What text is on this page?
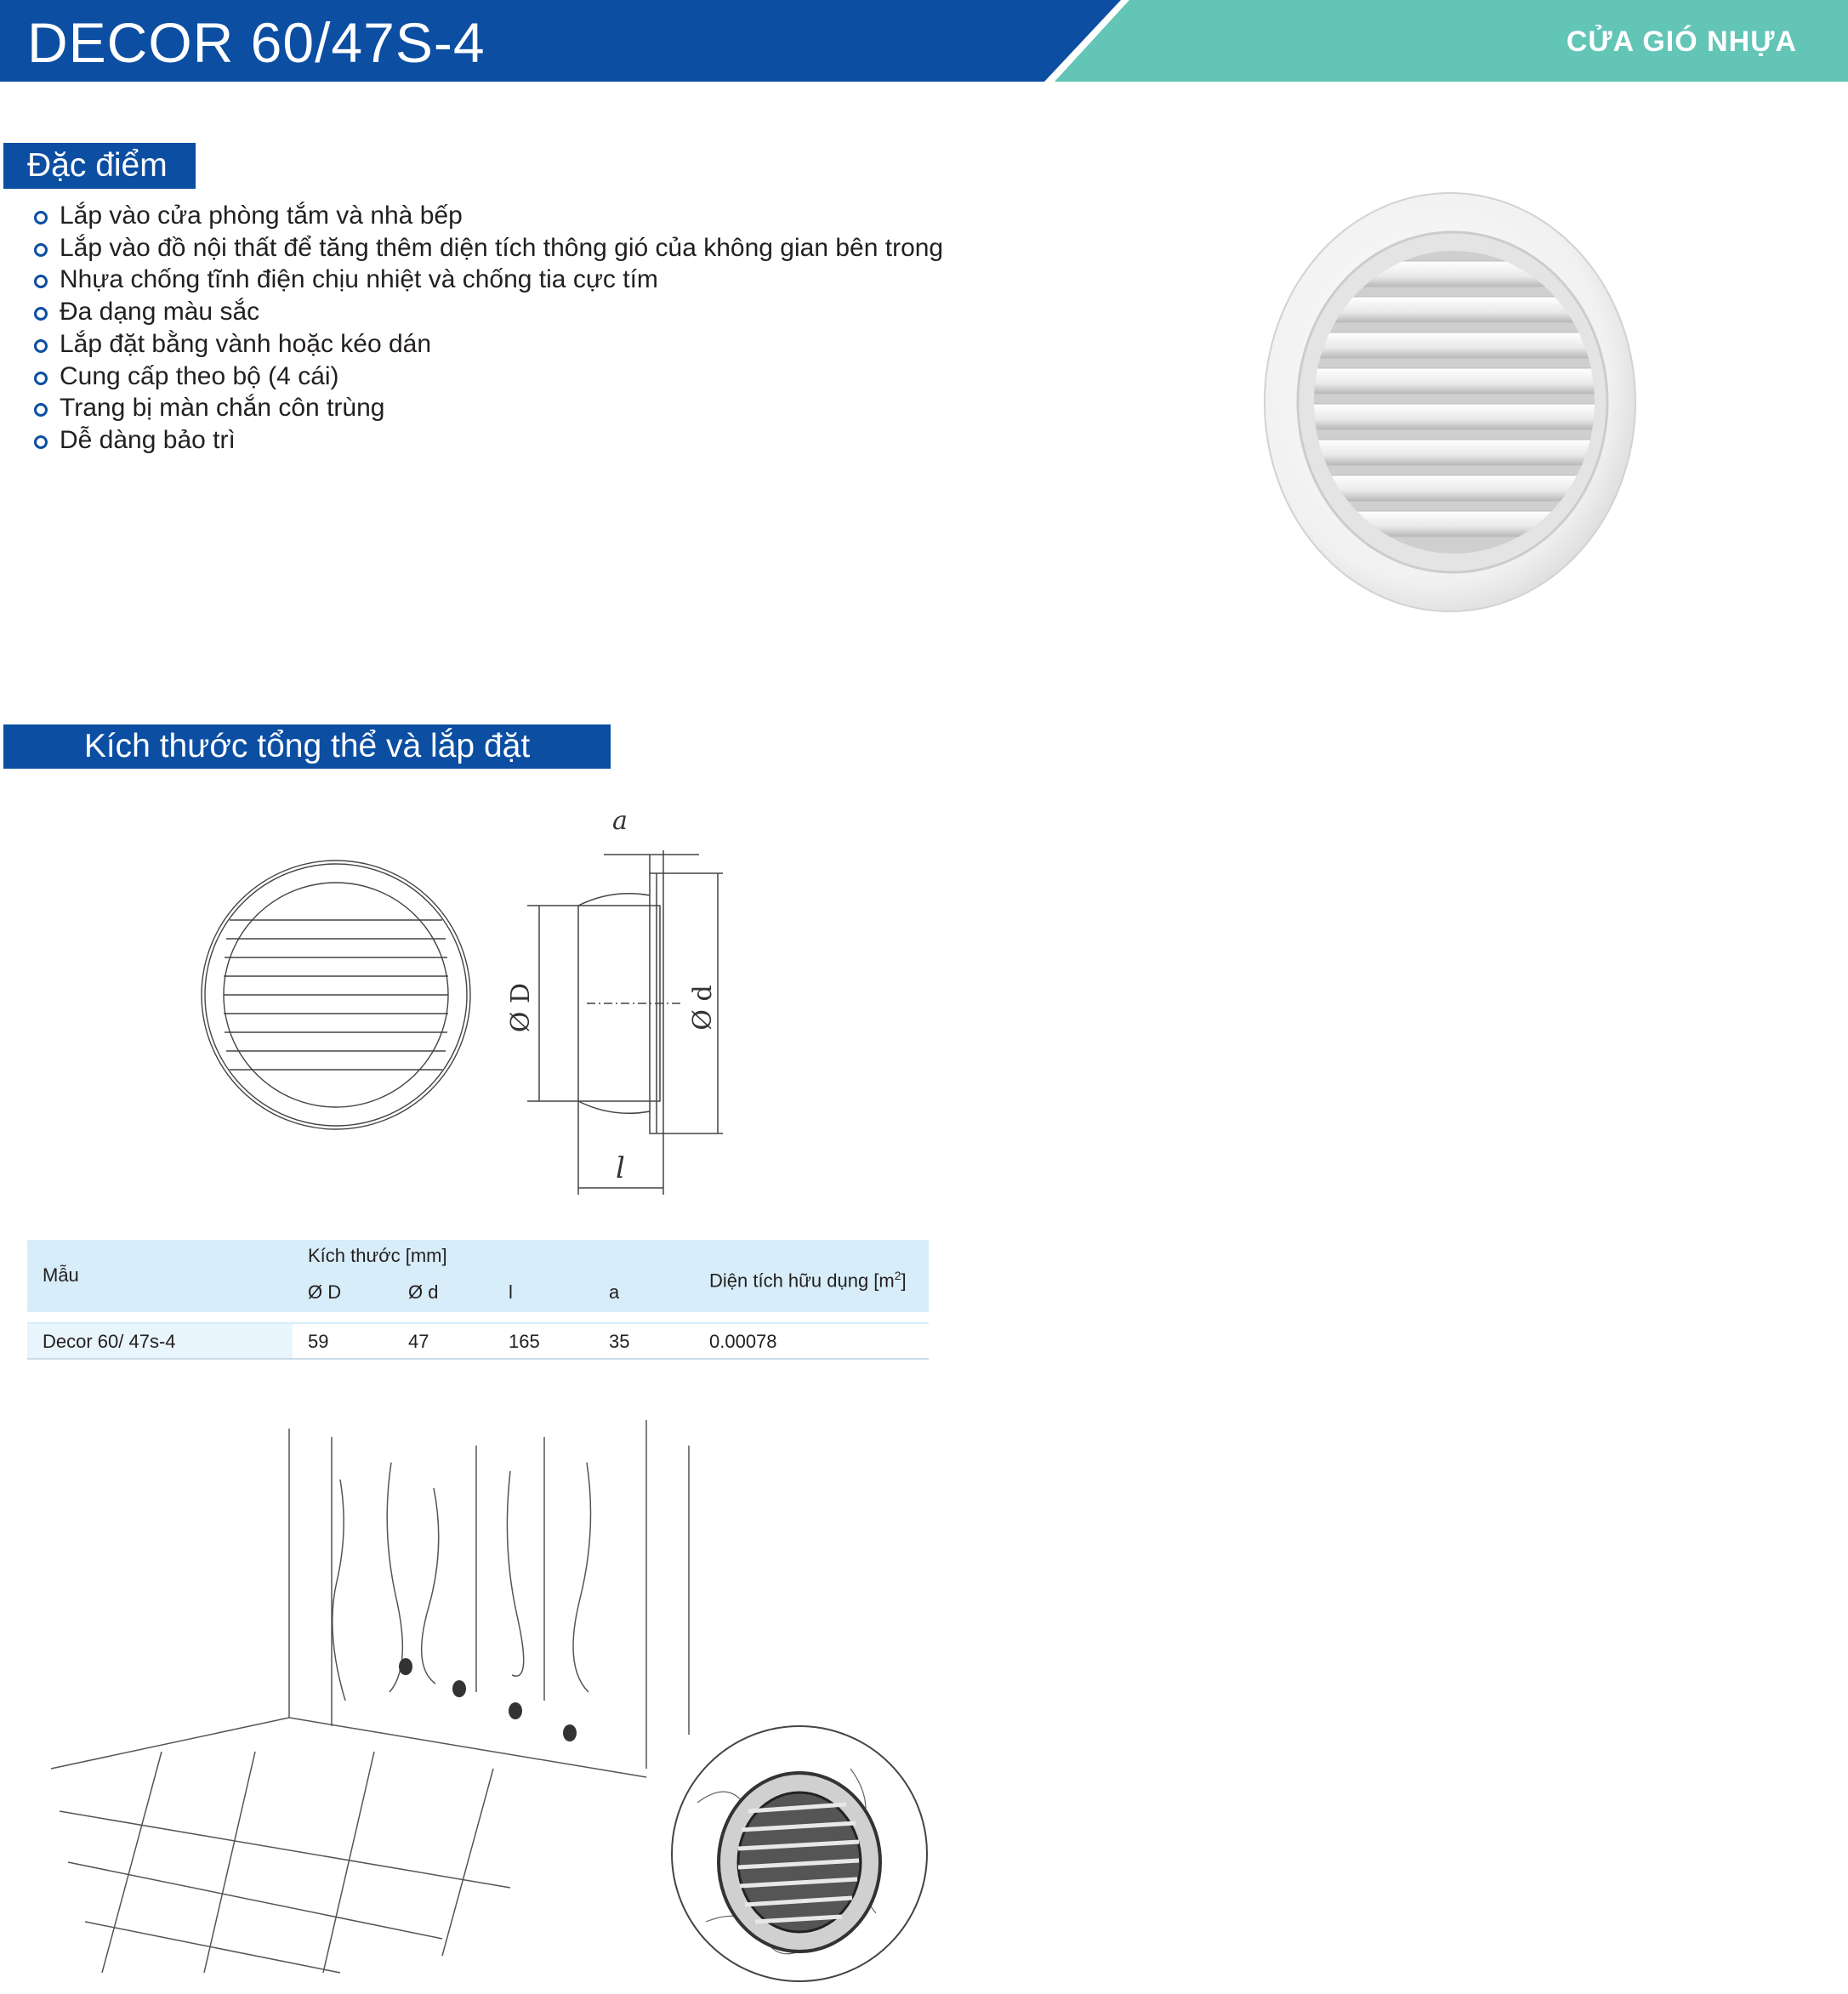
DECOR 60/47S-4	CỬA GIÓ NHỰA
Đặc điểm
Lắp vào cửa phòng tắm và nhà bếp
Lắp vào đồ nội thất để tăng thêm diện tích thông gió của không gian bên trong
Nhựa chống tĩnh điện chịu nhiệt và chống tia cực tím
Đa dạng màu sắc
Lắp đặt bằng vành hoặc kéo dán
Cung cấp theo bộ (4 cái)
Trang bị màn chắn côn trùng
Dễ dàng bảo trì
Kích thước tổng thể và lắp đặt
a
Ø D	Ø d
l
Mẫu
Kích thước [mm]
Ø D	Ø d	l	a
Diện tích hữu dụng $[m^2]$
Decor 60/ 47s-4	59	47	165	35	0.00078
